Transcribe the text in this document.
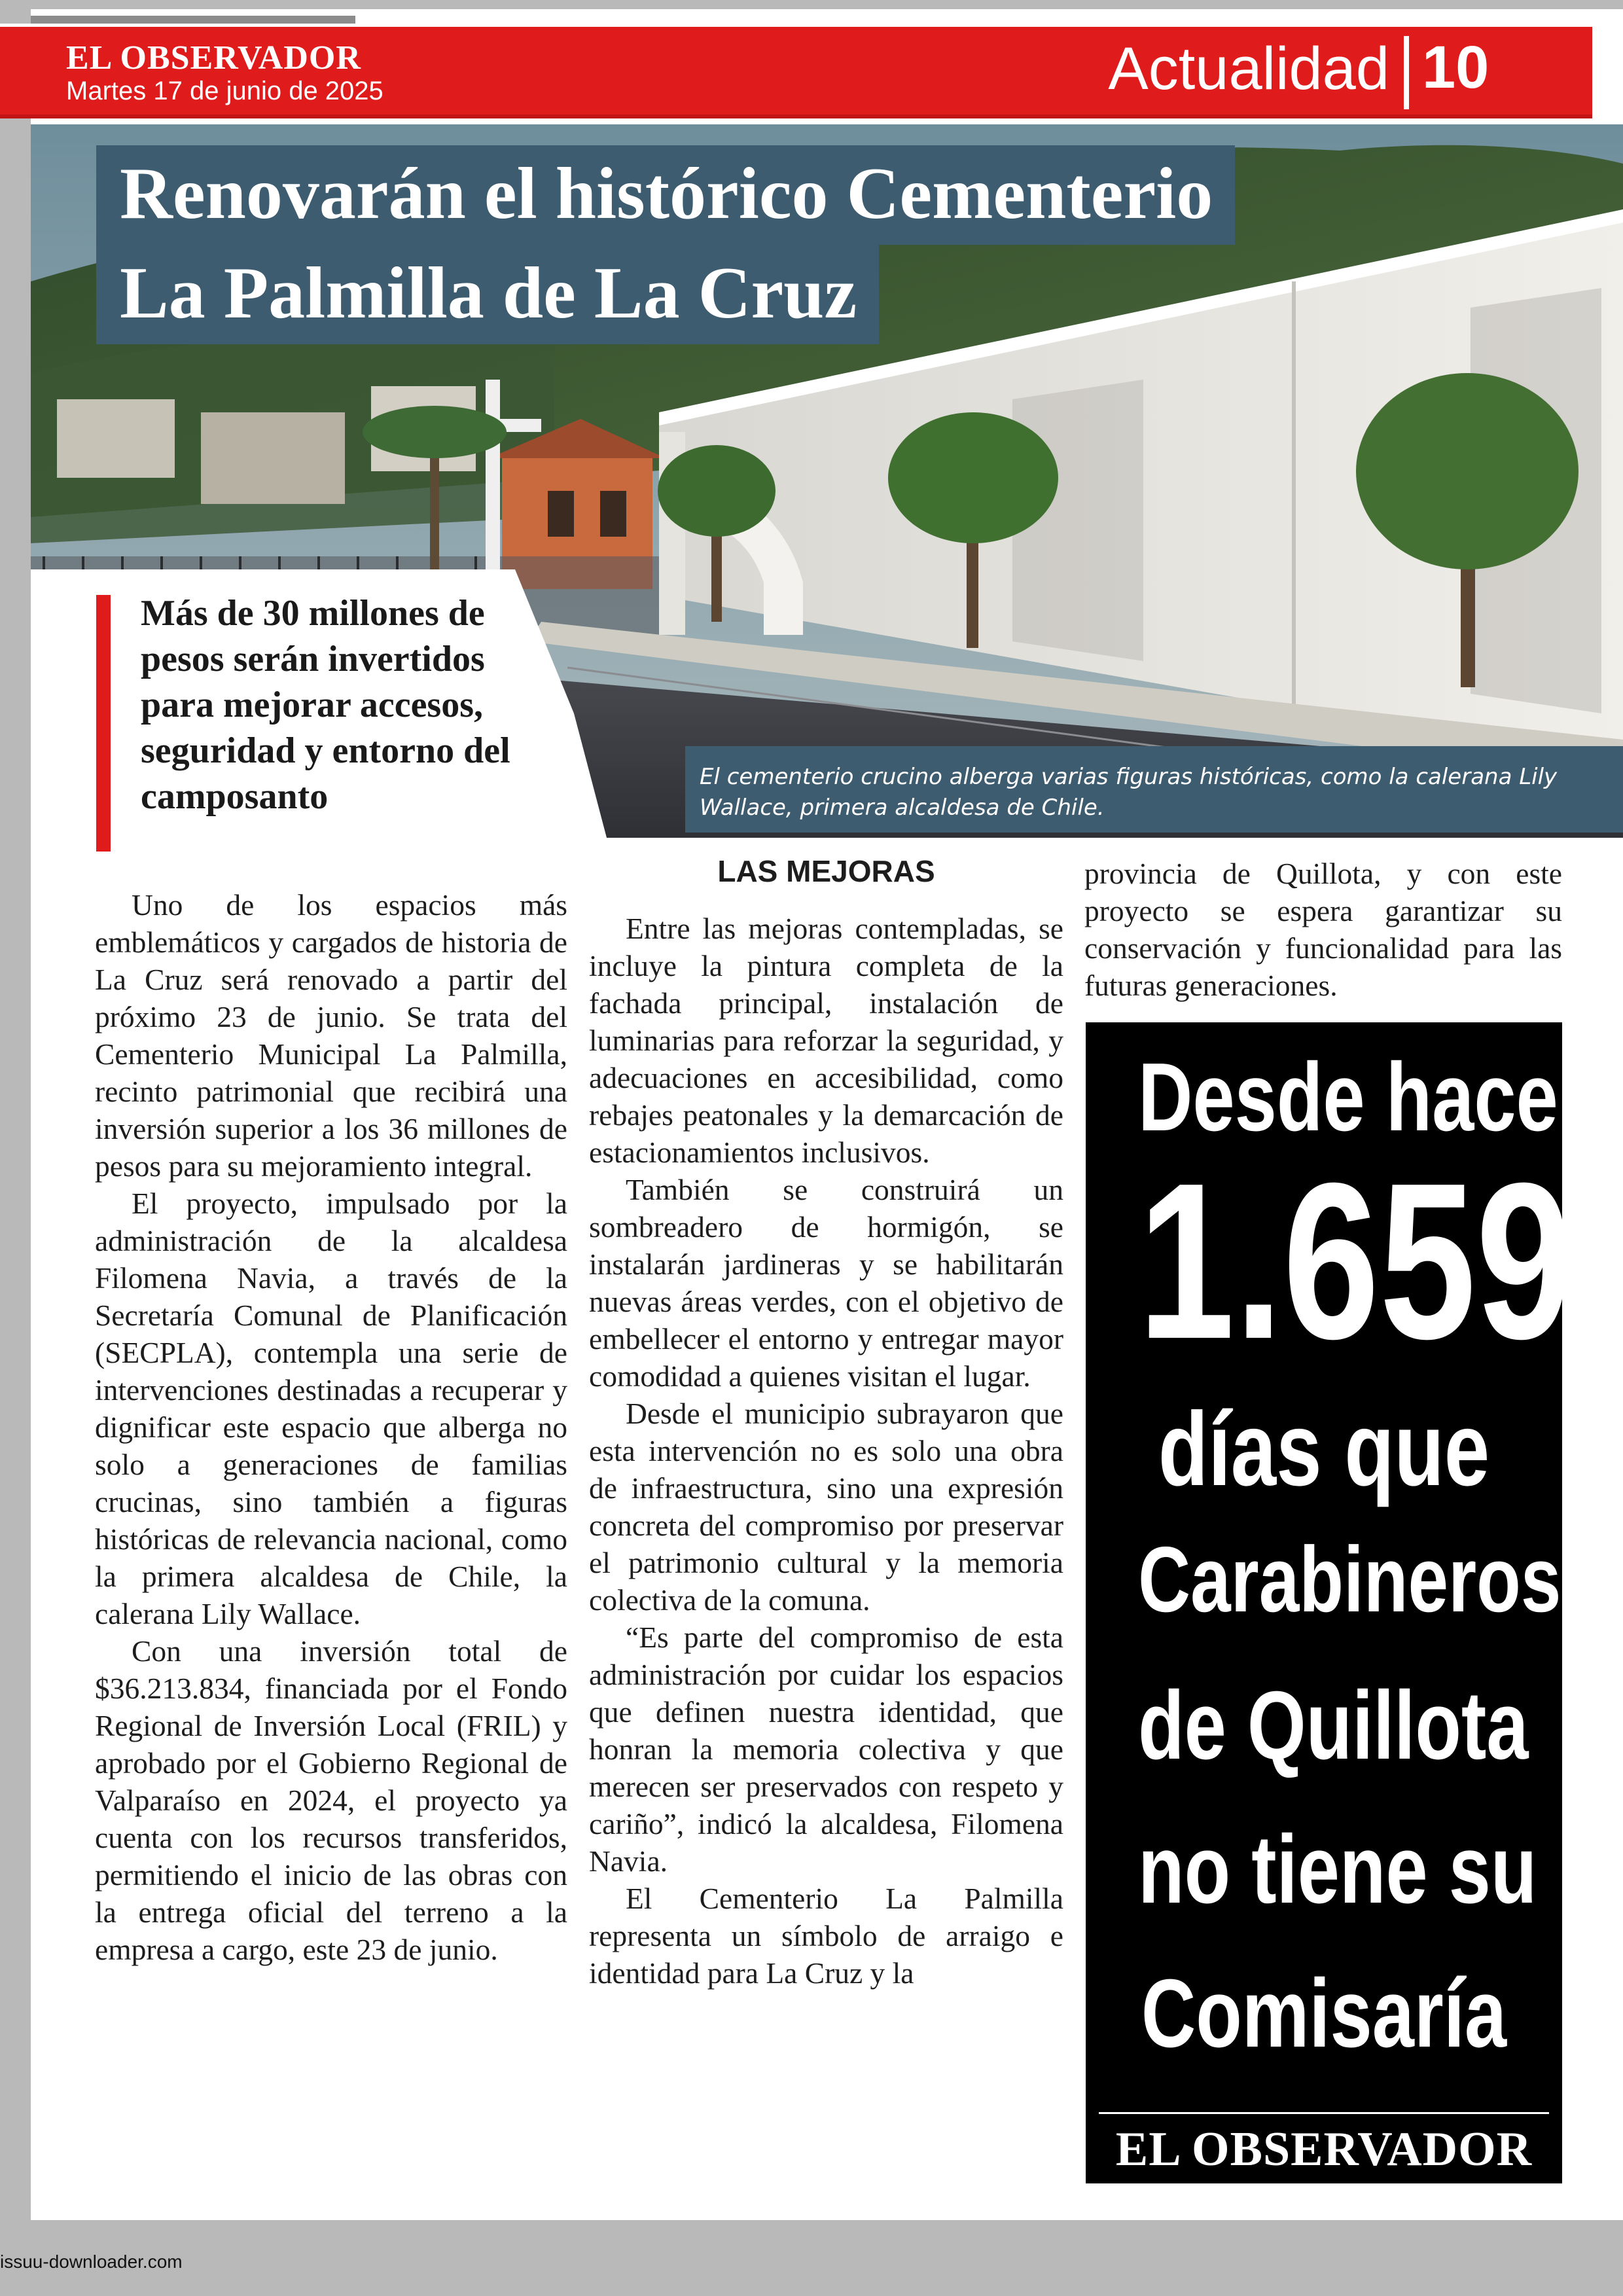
Renovarán el histórico Cementerio
La Palmilla de La Cruz
El cementerio crucino alberga varias figuras históricas, como la calerana Lily Wallace, primera alcaldesa de Chile.
Más de 30 millones de pesos serán invertidos para mejorar accesos, seguridad y entorno del camposanto

Uno de los espacios más emblemáticos y cargados de historia de La Cruz será renovado a partir del próximo 23 de junio. Se trata del Cementerio Municipal La Palmilla, recinto patrimonial que recibirá una inversión superior a los 36 millones de pesos para su mejoramiento integral.

El proyecto, impulsado por la administración de la alcaldesa Filomena Navia, a través de la Secretaría Comunal de Planificación (SECPLA), contempla una serie de intervenciones destinadas a recuperar y dignificar este espacio que alberga no solo a generaciones de familias crucinas, sino también a figuras históricas de relevancia nacional, como la primera alcaldesa de Chile, la calerana Lily Wallace.

Con una inversión total de $36.213.834, financiada por el Fondo Regional de Inversión Local (FRIL) y aprobado por el Gobierno Regional de Valparaíso en 2024, el proyecto ya cuenta con los recursos transferidos, permitiendo el inicio de las obras con la entrega oficial del terreno a la empresa a cargo, este 23 de junio.

LAS MEJORAS

Entre las mejoras contempladas, se incluye la pintura completa de la fachada principal, instalación de luminarias para reforzar la seguridad, y adecuaciones en accesibilidad, como rebajes peatonales y la demarcación de estacionamientos inclusivos.

También se construirá un sombreadero de hormigón, se instalarán jardineras y se habilitarán nuevas áreas verdes, con el objetivo de embellecer el entorno y entregar mayor comodidad a quienes visitan el lugar.

Desde el municipio subrayaron que esta intervención no es solo una obra de infraestructura, sino una expresión concreta del compromiso por preservar el patrimonio cultural y la memoria colectiva de la comuna.

“Es parte del compromiso de esta administración por cuidar los espacios que definen nuestra identidad, que honran la memoria colectiva y que merecen ser preservados con respeto y cariño”, indicó la alcaldesa, Filomena Navia.

El Cementerio La Palmilla representa un símbolo de arraigo e identidad para La Cruz y la

provincia de Quillota, y con este proyecto se espera garantizar su conservación y funcionalidad para las futuras generaciones.

Desde hace
1.659
días que
Carabineros
de Quillota
no tiene su
Comisaría
EL OBSERVADOR
EL OBSERVADOR
Martes 17 de junio de 2025	Actualidad 10
issuu-downloader.com
